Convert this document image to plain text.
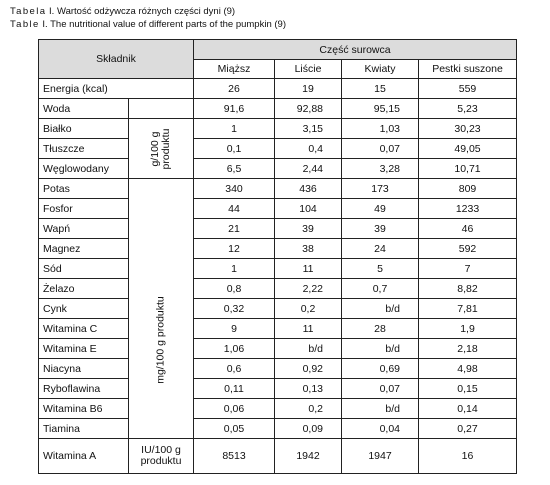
Tabela I. Wartość odżywcza różnych części dyni (9)
Table I. The nutritional value of different parts of the pumpkin (9)
Składnik		Część surowca			
		Miąższ	Liście	Kwiaty	Pestki suszone
Energia (kcal)		26	19	15	559
Woda		91,6	92,88	95,15	5,23
Białko	g/100 g produktu	1	3,15	1,03	30,23
Tłuszcze		0,1	0,4	0,07	49,05
Węglowodany		6,5	2,44	3,28	10,71
Potas	mg/100 g produktu	340	436	173	809
Fosfor		44	104	49	1233
Wapń		21	39	39	46
Magnez		12	38	24	592
Sód		1	11	5	7
Żelazo		0,8	2,22	0,7	8,82
Cynk		0,32	0,2	b/d	7,81
Witamina C		9	11	28	1,9
Witamina E		1,06	b/d	b/d	2,18
Niacyna		0,6	0,92	0,69	4,98
Ryboflawina		0,11	0,13	0,07	0,15
Witamina B6		0,06	0,2	b/d	0,14
Tiamina		0,05	0,09	0,04	0,27
Witamina A	IU/100 g produktu	8513	1942	1947	16
